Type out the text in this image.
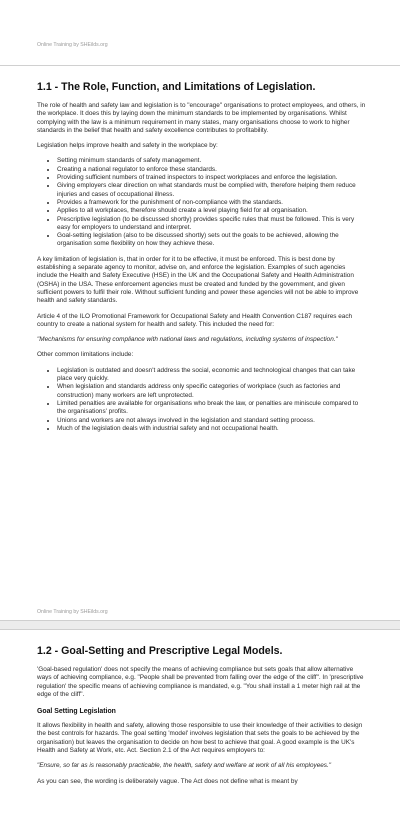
Online Training by SHEilds.org
1.1 - The Role, Function, and Limitations of Legislation.

The role of health and safety law and legislation is to "encourage" organisations to protect employees, and others, in the workplace. It does this by laying down the minimum standards to be implemented by organisations. Whilst complying with the law is a minimum requirement in many states, many organisations choose to work to higher standards in the belief that health and safety excellence contributes to profitability.

Legislation helps improve health and safety in the workplace by:

• Setting minimum standards of safety management.
• Creating a national regulator to enforce these standards.
• Providing sufficient numbers of trained inspectors to inspect workplaces and enforce the legislation.
• Giving employers clear direction on what standards must be complied with, therefore helping them reduce injuries and cases of occupational illness.
• Provides a framework for the punishment of non-compliance with the standards.
• Applies to all workplaces, therefore should create a level playing field for all organisation.
• Prescriptive legislation (to be discussed shortly) provides specific rules that must be followed. This is very easy for employers to understand and interpret.
• Goal-setting legislation (also to be discussed shortly) sets out the goals to be achieved, allowing the organisation some flexibility on how they achieve these.

A key limitation of legislation is, that in order for it to be effective, it must be enforced. This is best done by establishing a separate agency to monitor, advise on, and enforce the legislation. Examples of such agencies include the Health and Safety Executive (HSE) in the UK and the Occupational Safety and Health Administration (OSHA) in the USA. These enforcement agencies must be created and funded by the government, and given sufficient powers to fulfil their role. Without sufficient funding and power these agencies will not be able to improve health and safety standards.

Article 4 of the ILO Promotional Framework for Occupational Safety and Health Convention C187 requires each country to create a national system for health and safety. This included the need for:

"Mechanisms for ensuring compliance with national laws and regulations, including systems of inspection."

Other common limitations include:

• Legislation is outdated and doesn't address the social, economic and technological changes that can take place very quickly.
• When legislation and standards address only specific categories of workplace (such as factories and construction) many workers are left unprotected.
• Limited penalties are available for organisations who break the law, or penalties are miniscule compared to the organisations' profits.
• Unions and workers are not always involved in the legislation and standard setting process.
• Much of the legislation deals with industrial safety and not occupational health.
Online Training by SHEilds.org
1.2 - Goal-Setting and Prescriptive Legal Models.

'Goal-based regulation' does not specify the means of achieving compliance but sets goals that allow alternative ways of achieving compliance, e.g. "People shall be prevented from falling over the edge of the cliff". In 'prescriptive regulation' the specific means of achieving compliance is mandated, e.g. "You shall install a 1 meter high rail at the edge of the cliff".

Goal Setting Legislation

It allows flexibility in health and safety, allowing those responsible to use their knowledge of their activities to design the best controls for hazards. The goal setting 'model' involves legislation that sets the goals to be achieved by the organisation) but leaves the organisation to decide on how best to achieve that goal. A good example is the UK's Health and Safety at Work, etc. Act. Section 2.1 of the Act requires employers to:

"Ensure, so far as is reasonably practicable, the health, safety and welfare at work of all his employees."

As you can see, the wording is deliberately vague. The Act does not define what is meant by
